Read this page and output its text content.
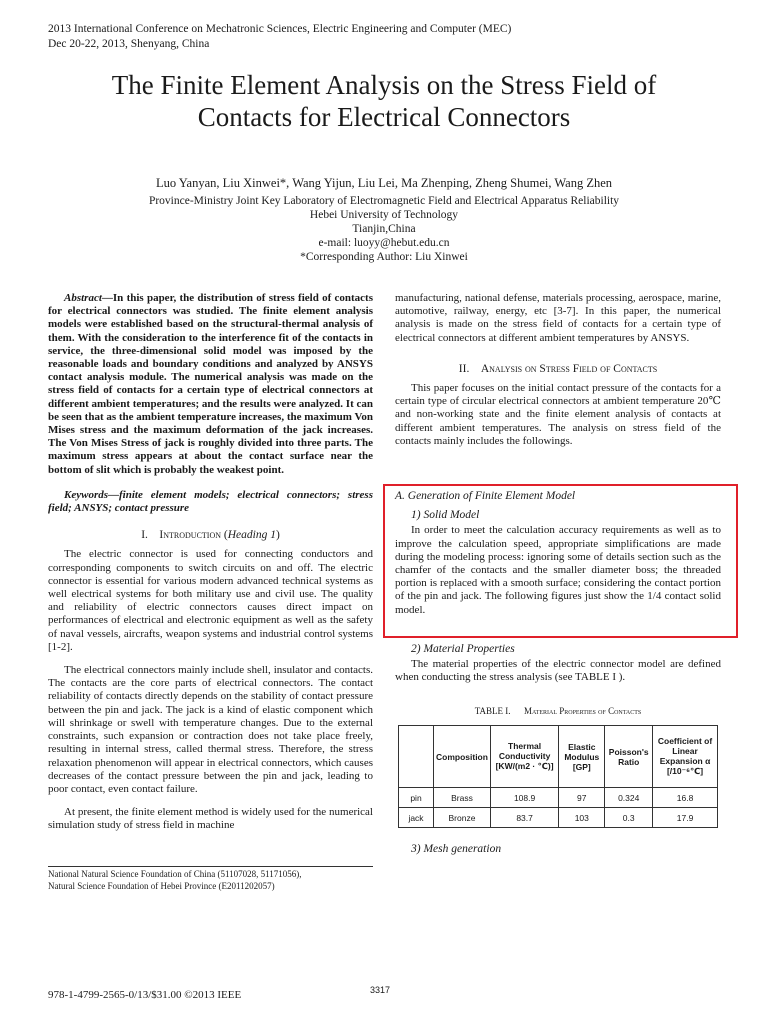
2013 International Conference on Mechatronic Sciences, Electric Engineering and Computer (MEC)
Dec 20-22, 2013, Shenyang, China
The Finite Element Analysis on the Stress Field of
Contacts for Electrical Connectors
Luo Yanyan, Liu Xinwei*, Wang Yijun, Liu Lei, Ma Zhenping, Zheng Shumei, Wang Zhen
Province-Ministry Joint Key Laboratory of Electromagnetic Field and Electrical Apparatus Reliability
Hebei University of Technology
Tianjin,China
e-mail: luoyy@hebut.edu.cn
*Corresponding Author: Liu Xinwei

Abstract—In this paper, the distribution of stress field of contacts for electrical connectors was studied. The finite element analysis models were established based on the structural-thermal analysis of them. With the consideration to the interference fit of the contacts in service, the three-dimensional solid model was imposed by the reasonable loads and boundary conditions and analyzed by ANSYS contact analysis module. The numerical analysis was made on the stress field of contacts for a certain type of electrical connectors at different ambient temperatures; and the results were analyzed. It can be seen that as the ambient temperature increases, the maximum Von Mises stress and the maximum deformation of the jack increases. The Von Mises Stress of jack is roughly divided into three parts. The maximum stress appears at about the contact surface near the bottom of slit which is probably the weakest point.

Keywords—finite element models; electrical connectors; stress field; ANSYS; contact pressure

I. Introduction (Heading 1)

The electric connector is used for connecting conductors and corresponding components to switch circuits on and off. The electric connector is essential for various modern advanced technical systems as well electrical systems for both military use and civil use. The quality and reliability of electric connectors causes direct impact on performances of electrical and electronic equipment as well as the safety of naval vessels, aircrafts, weapon systems and industrial control systems [1-2].

The electrical connectors mainly include shell, insulator and contacts. The contacts are the core parts of electrical connectors. The contact reliability of contacts directly depends on the stability of contact pressure between the pin and jack. The jack is a kind of elastic component which will shrinkage or swell with temperature changes. Due to the external constraints, such expansion or contraction does not take place freely, resulting in internal stress, called thermal stress. Therefore, the stress relaxation phenomenon will appear in electrical connectors, which causes decreases of the contact pressure between the pin and jack, leading to poor contact, even contact failure.

At present, the finite element method is widely used for the numerical simulation study of stress field in machine

National Natural Science Foundation of China (51107028, 51171056),
Natural Science Foundation of Hebei Province (E2011202057)
978-1-4799-2565-0/13/$31.00 ©2013 IEEE	3317

manufacturing, national defense, materials processing, aerospace, marine, automotive, railway, energy, etc [3-7]. In this paper, the numerical analysis is made on the stress field of contacts for a certain type of electrical connectors at different ambient temperatures by ANSYS.

II. Analysis on Stress Field of Contacts

This paper focuses on the initial contact pressure of the contacts for a certain type of circular electrical connectors at ambient temperature 20℃ and non-working state and the finite element analysis of contacts at different ambient temperatures. The analysis on stress field of the contacts mainly includes the followings.

A. Generation of Finite Element Model
1) Solid Model

In order to meet the calculation accuracy requirements as well as to improve the calculation speed, appropriate simplifications are made during the modeling process: ignoring some of details section such as the chamfer of the contacts and the smaller diameter boss; the threaded portion is replaced with a smooth surface; considering the contact portion of the pin and jack. The following figures just show the 1/4 contact solid model.

2) Material Properties

The material properties of the electric connector model are defined when conducting the stress analysis (see TABLE I ).

TABLE I. Material Properties of Contacts
	Composition	Thermal Conductivity [KW/(m2 · ℃)]	Elastic Modulus [GP]	Poisson's Ratio	Coefficient of Linear Expansion α [/10⁻⁶℃]
pin	Brass	108.9	97	0.324	16.8
jack	Bronze	83.7	103	0.3	17.9
3) Mesh generation
